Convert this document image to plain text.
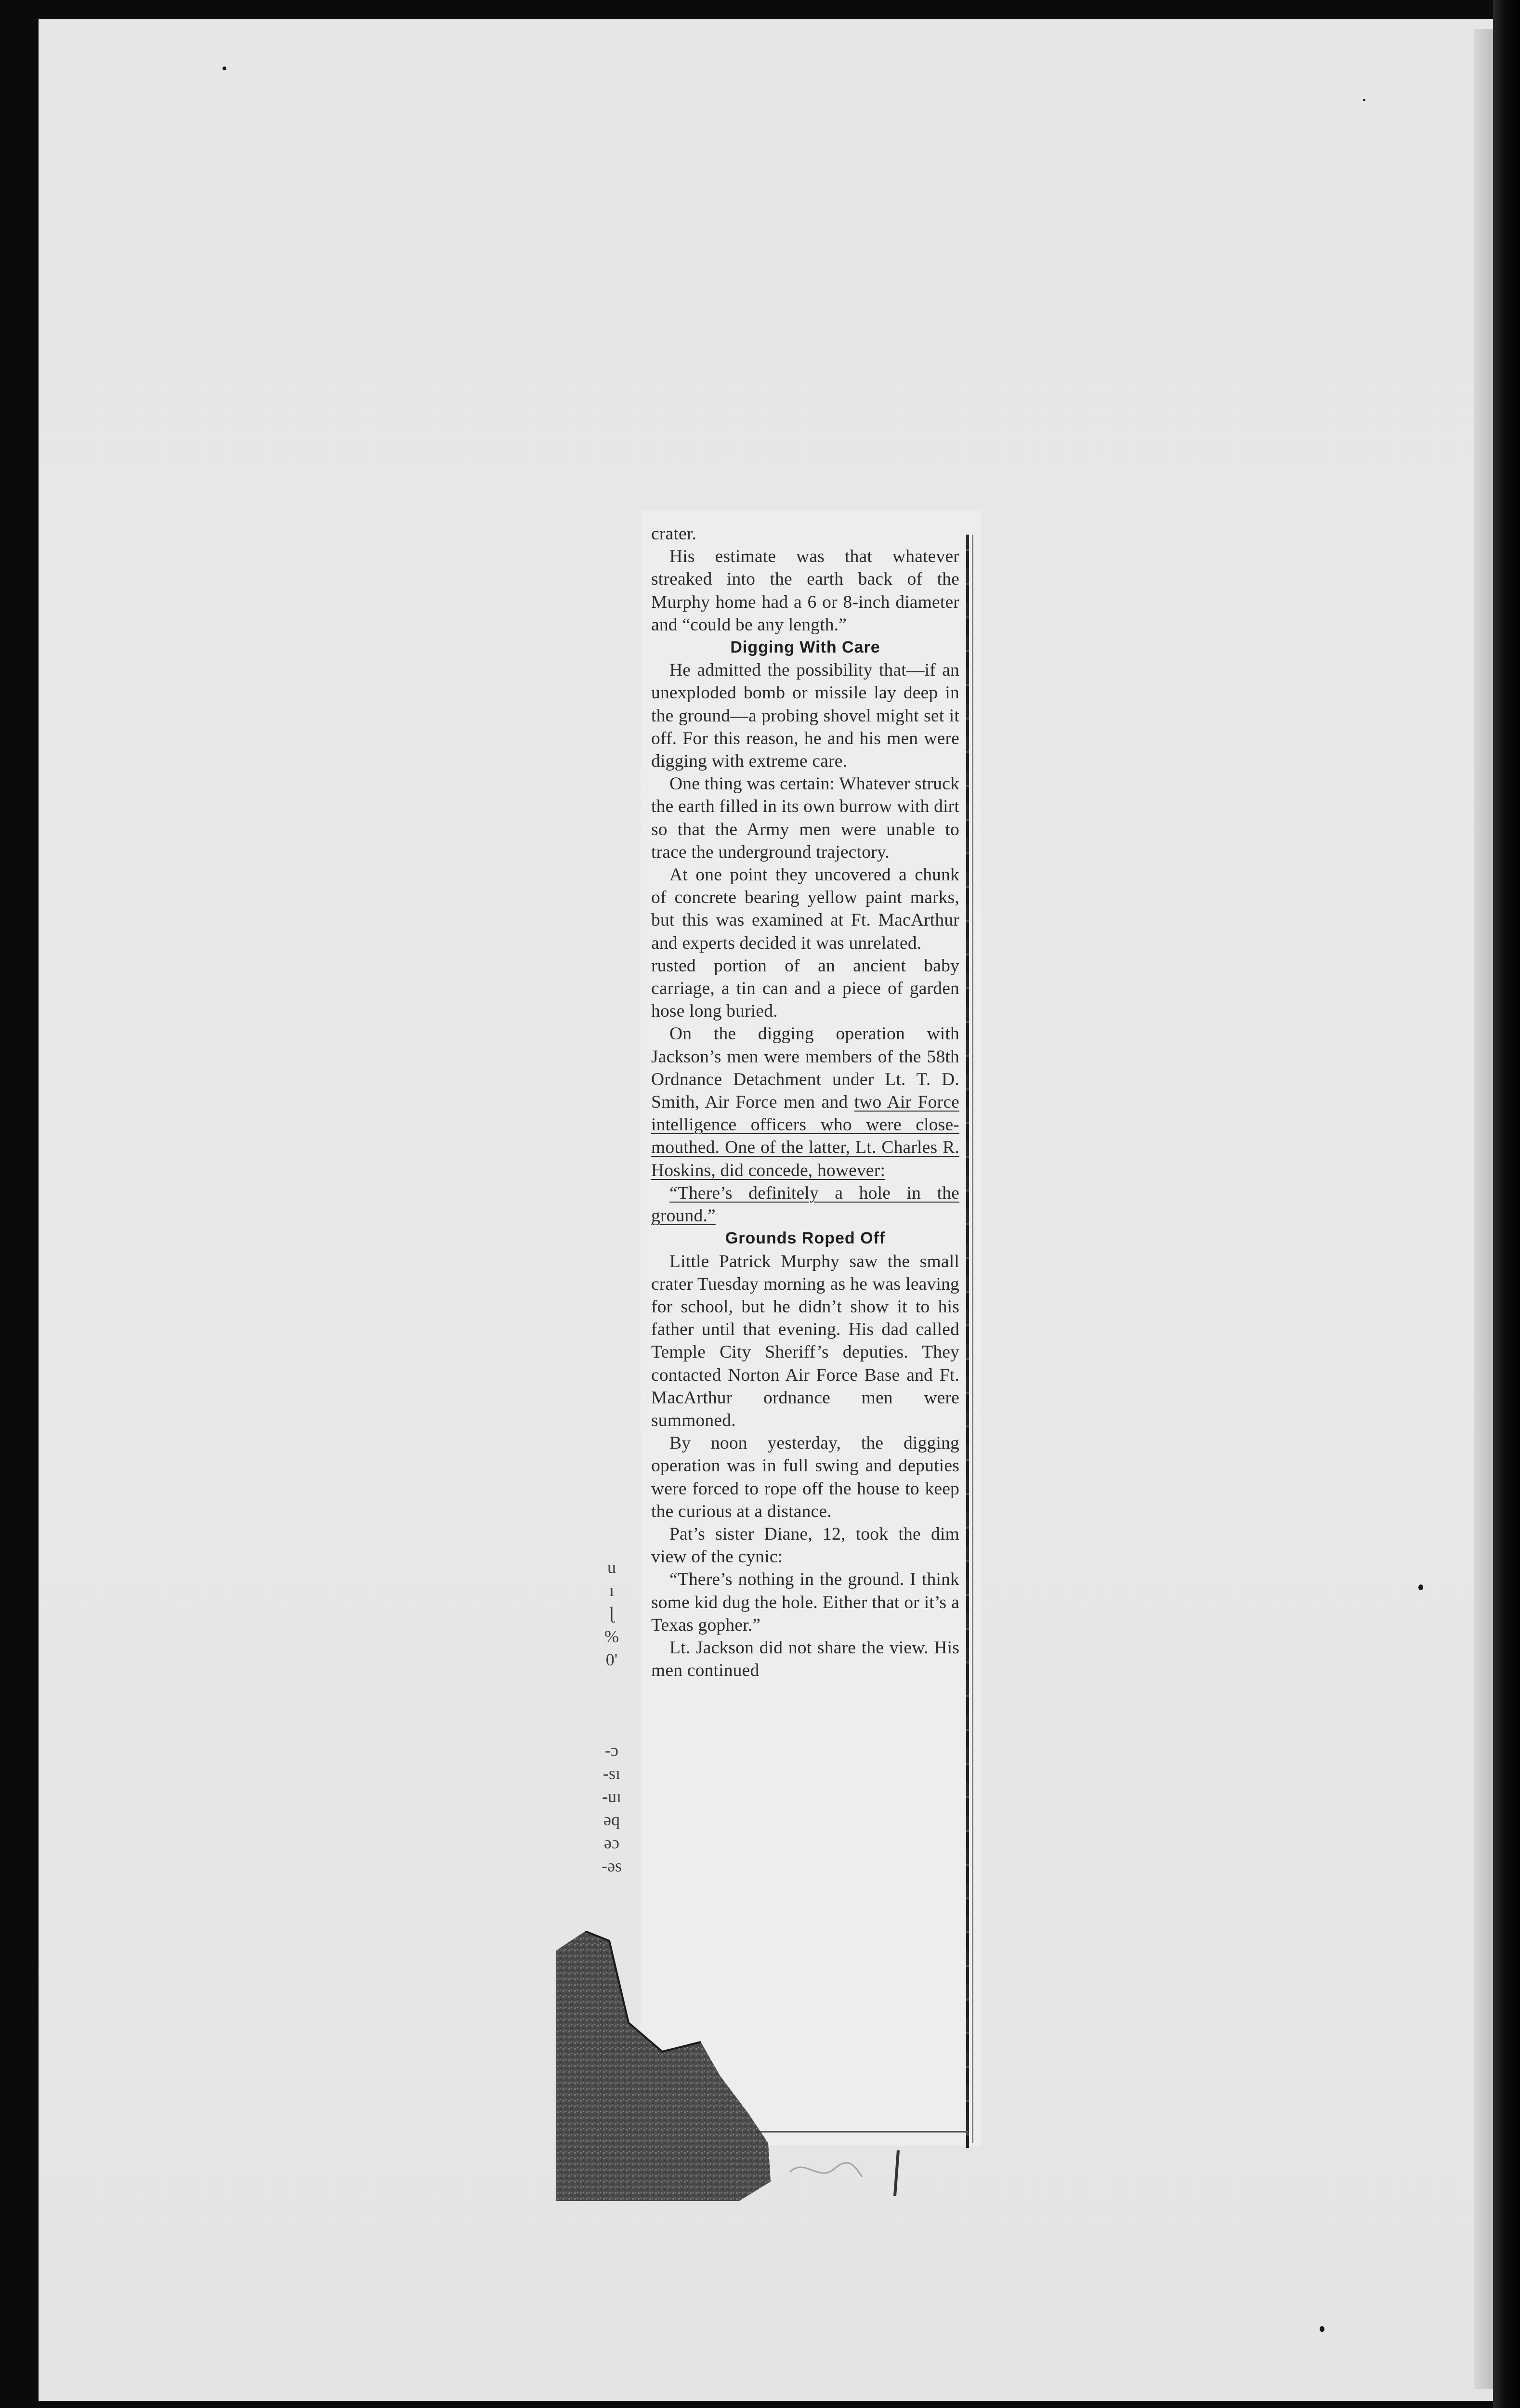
u
ı
ɭ
%
0'
-ɔ
-sı
-uı
əq
əɔ
-əs

crater.

His estimate was that whatever streaked into the earth back of the Murphy home had a 6 or 8-inch diameter and “could be any length.”

Digging With Care

He admitted the possibility that—if an unexploded bomb or missile lay deep in the ground—a probing shovel might set it off. For this reason, he and his men were digging with extreme care.

One thing was certain: Whatever struck the earth filled in its own burrow with dirt so that the Army men were unable to trace the underground trajectory.

At one point they uncovered a chunk of concrete bearing yellow paint marks, but this was examined at Ft. MacArthur and experts decided it was unrelated.

rusted portion of an ancient baby carriage, a tin can and a piece of garden hose long buried.

On the digging operation with Jackson’s men were members of the 58th Ordnance Detachment under Lt. T. D. Smith, Air Force men and two Air Force intelligence officers who were close-mouthed. One of the latter, Lt. Charles R. Hoskins, did concede, however:

“There’s definitely a hole in the ground.”

Grounds Roped Off

Little Patrick Murphy saw the small crater Tuesday morning as he was leaving for school, but he didn’t show it to his father until that evening. His dad called Temple City Sheriff’s deputies. They contacted Norton Air Force Base and Ft. MacArthur ordnance men were summoned.

By noon yesterday, the digging operation was in full swing and deputies were forced to rope off the house to keep the curious at a distance.

Pat’s sister Diane, 12, took the dim view of the cynic:

“There’s nothing in the ground. I think some kid dug the hole. Either that or it’s a Texas gopher.”

Lt. Jackson did not share the view. His men continued
